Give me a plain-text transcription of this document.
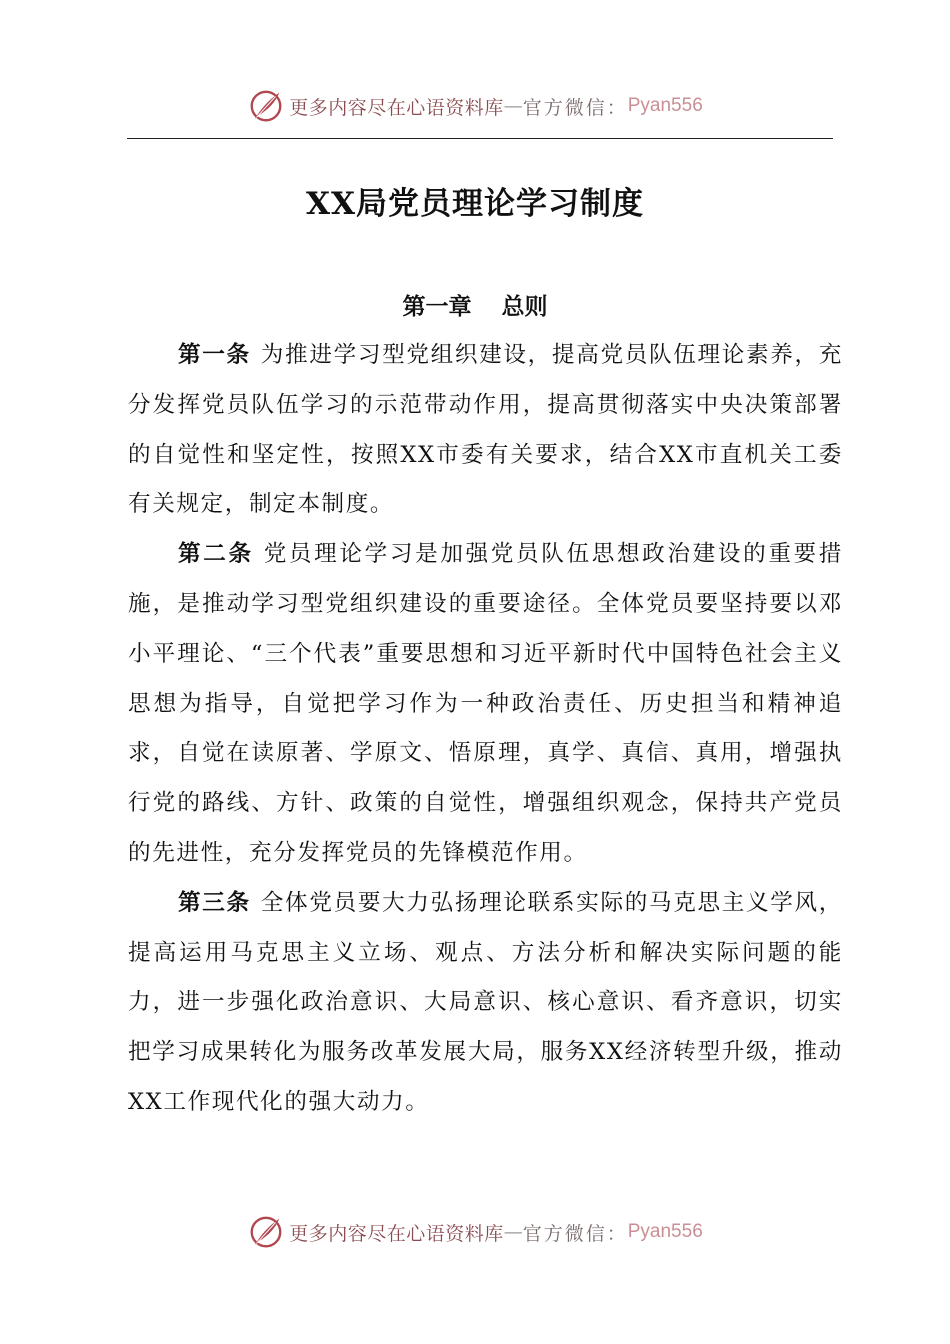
更多内容尽在心语资料库 — 官方微信： Pyan556
XX局党员理论学习制度
第一章 总则

第一条 为推进学习型党组织建设，提高党员队伍理论素养，充分发挥党员队伍学习的示范带动作用，提高贯彻落实中央决策部署的自觉性和坚定性，按照XX市委有关要求，结合XX市直机关工委有关规定，制定本制度。

第二条 党员理论学习是加强党员队伍思想政治建设的重要措施，是推动学习型党组织建设的重要途径。全体党员要坚持要以邓小平理论、“三个代表”重要思想和习近平新时代中国特色社会主义思想为指导，自觉把学习作为一种政治责任、历史担当和精神追求，自觉在读原著、学原文、悟原理，真学、真信、真用，增强执行党的路线、方针、政策的自觉性，增强组织观念，保持共产党员的先进性，充分发挥党员的先锋模范作用。

第三条 全体党员要大力弘扬理论联系实际的马克思主义学风，提高运用马克思主义立场、观点、方法分析和解决实际问题的能力，进一步强化政治意识、大局意识、核心意识、看齐意识，切实把学习成果转化为服务改革发展大局，服务XX经济转型升级，推动XX工作现代化的强大动力。

更多内容尽在心语资料库 — 官方微信： Pyan556
